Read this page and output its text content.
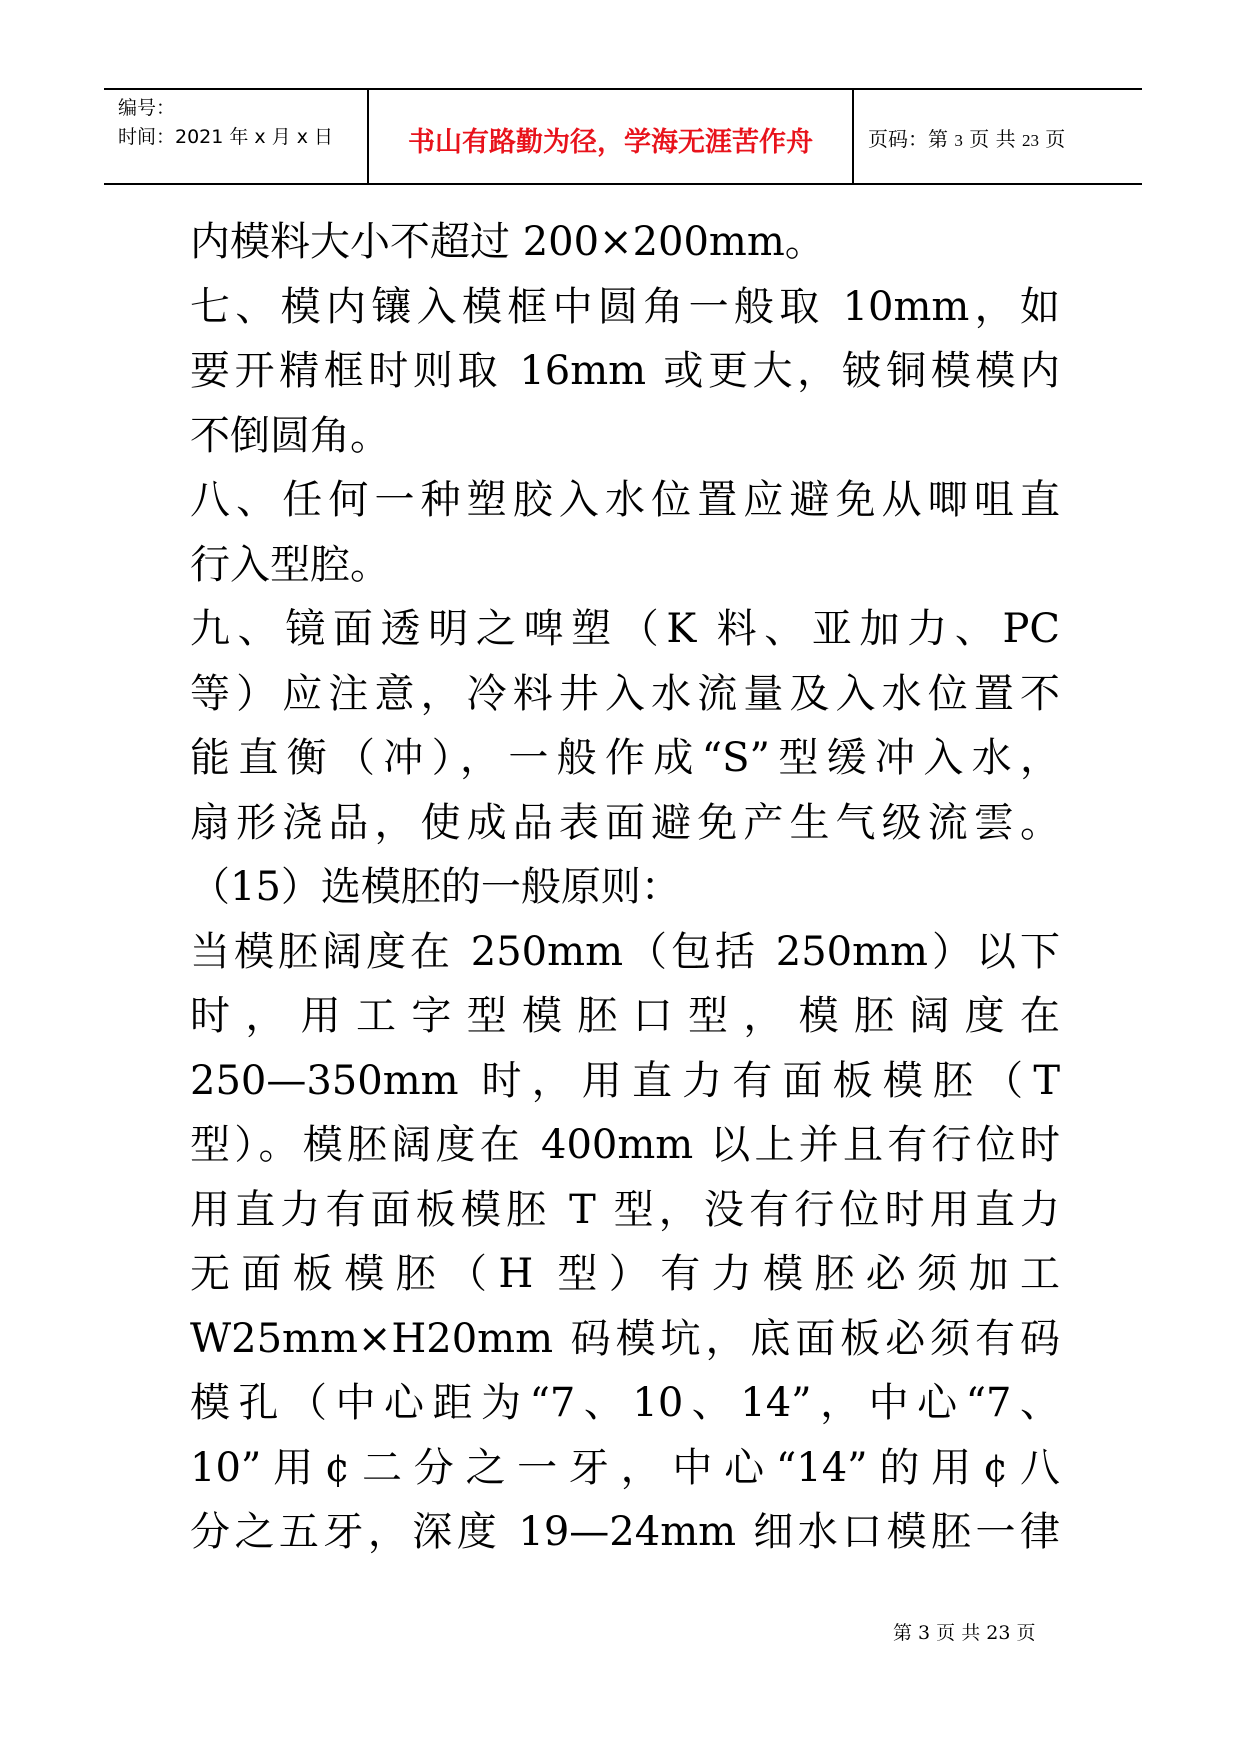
编号：
时间：2021 年 x 月 x 日	书山有路勤为径，学海无涯苦作舟	页码：第 3 页 共 23 页
内模料大小不超过 200×200mm。
七、模内镶入模框中圆角一般取 10mm，如
要开精框时则取 16mm 或更大，铍铜模模内
不倒圆角。
八、任何一种塑胶入水位置应避免从唧咀直
行入型腔。
九、镜面透明之啤塑（K 料、亚加力、PC
等）应注意，冷料井入水流量及入水位置不
能直衡（冲），一般作成“S”型缓冲入水，
扇形浇品，使成品表面避免产生气级流雲。
（15）选模胚的一般原则：
当模胚阔度在 250mm（包括 250mm）以下
时，用工字型模胚口型，模胚阔度在
250—350mm 时，用直力有面板模胚（T
型）。模胚阔度在 400mm 以上并且有行位时
用直力有面板模胚 T 型，没有行位时用直力
无面板模胚（H 型）有力模胚必须加工
W25mm×H20mm 码模坑，底面板必须有码
模孔（中心距为“7、10、14”，中心“7、
10”用¢二分之一牙，中心“14”的用¢八
分之五牙，深度 19—24mm 细水口模胚一律
第 3 页 共 23 页
